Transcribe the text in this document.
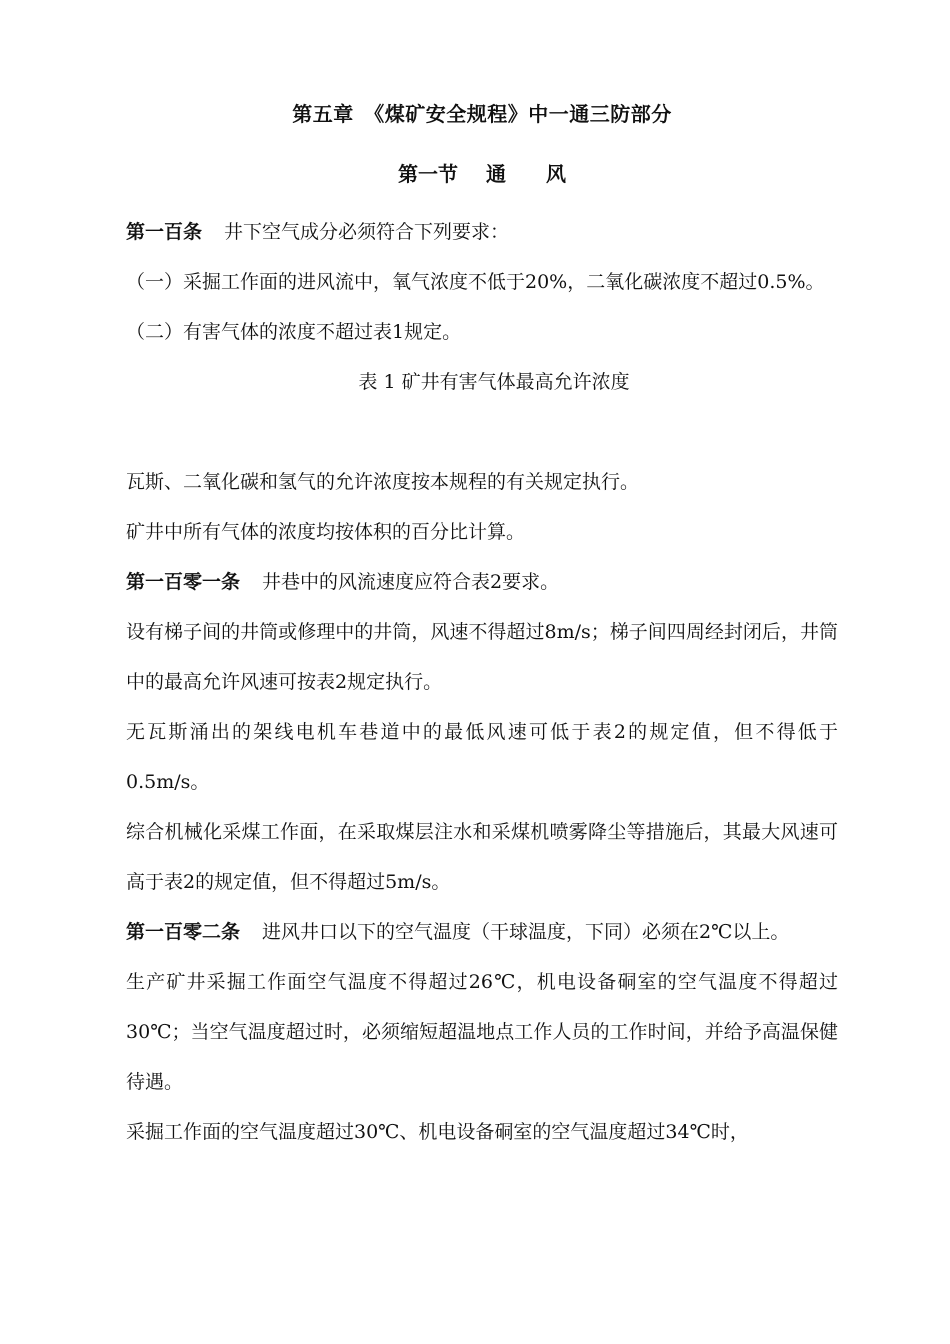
第五章　《煤矿安全规程》中一通三防部分
第一节 通 风

第一百条 井下空气成分必须符合下列要求：

（一）采掘工作面的进风流中，氧气浓度不低于20%，二氧化碳浓度不超过0.5%。

（二）有害气体的浓度不超过表1规定。

表 1 矿井有害气体最高允许浓度

瓦斯、二氧化碳和氢气的允许浓度按本规程的有关规定执行。

矿井中所有气体的浓度均按体积的百分比计算。

第一百零一条 井巷中的风流速度应符合表2要求。

设有梯子间的井筒或修理中的井筒，风速不得超过8m/s；梯子间四周经封闭后，井筒中的最高允许风速可按表2规定执行。

无瓦斯涌出的架线电机车巷道中的最低风速可低于表2的规定值，但不得低于0.5m/s。

综合机械化采煤工作面，在采取煤层注水和采煤机喷雾降尘等措施后，其最大风速可高于表2的规定值，但不得超过5m/s。

第一百零二条 进风井口以下的空气温度（干球温度，下同）必须在2℃以上。

生产矿井采掘工作面空气温度不得超过26℃，机电设备硐室的空气温度不得超过30℃；当空气温度超过时，必须缩短超温地点工作人员的工作时间，并给予高温保健待遇。

采掘工作面的空气温度超过30℃、机电设备硐室的空气温度超过34℃时，
